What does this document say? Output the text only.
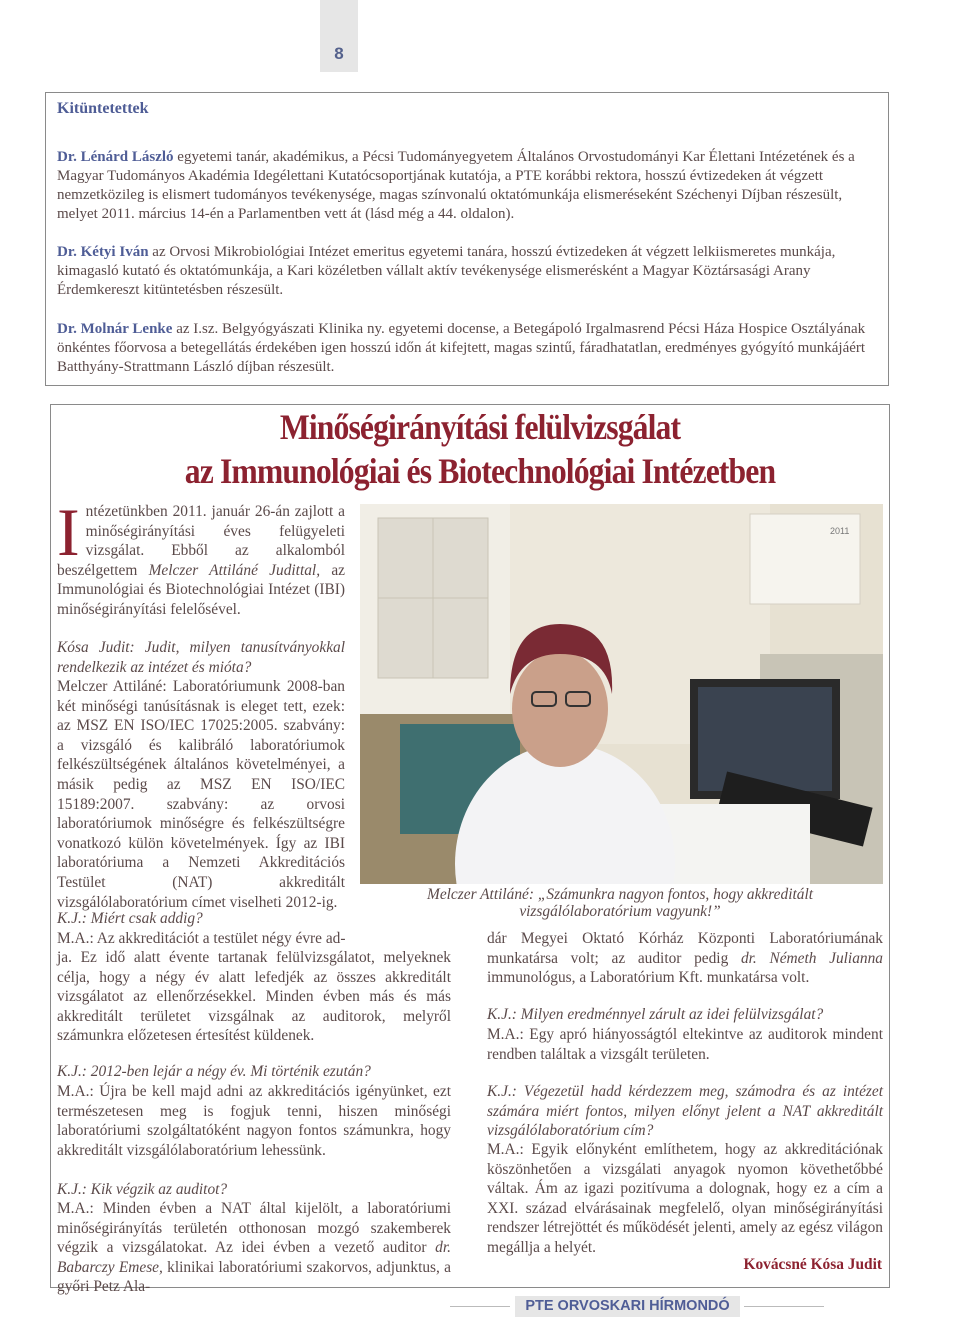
8
Kitüntetettek

Dr. Lénárd László egyetemi tanár, akadémikus, a Pécsi Tudományegyetem Általános Orvostudományi Kar Élettani Intézetének és a Magyar Tudományos Akadémia Idegélettani Kutatócsoportjának kutatója, a PTE korábbi rektora, hosszú évtizedeken át végzett nemzetközileg is elismert tudományos tevékenysége, magas színvonalú oktatómunkája elismeréseként Széchenyi Díjban részesült, melyet 2011. március 14-én a Parlamentben vett át (lásd még a 44. oldalon).

Dr. Kétyi Iván az Orvosi Mikrobiológiai Intézet emeritus egyetemi tanára, hosszú évtizedeken át végzett lelkiismeretes munkája, kimagasló kutató és oktatómunkája, a Kari közéletben vállalt aktív tevékenysége elismerésként a Magyar Köztársasági Arany Érdemkereszt kitüntetésben részesült.

Dr. Molnár Lenke az I.sz. Belgyógyászati Klinika ny. egyetemi docense, a Betegápoló Irgalmasrend Pécsi Háza Hospice Osztályának önkéntes főorvosa a betegellátás érdekében igen hosszú időn át kifejtett, magas szintű, fáradhatatlan, eredményes gyógyító munkájáért Batthyány-Strattmann László díjban részesült.

Minőségirányítási felülvizsgálat
az Immunológiai és Biotechnológiai Intézetben
Intézetünkben 2011. január 26-án zajlott a minőségirányítási éves felügyeleti vizsgálat. Ebből az alkalomból beszélgettem Melczer Attiláné Judittal, az Immunológiai és Biotechnológiai Intézet (IBI) minőségirányítási felelősével.
Kósa Judit: Judit, milyen tanusítványokkal rendelkezik az intézet és mióta?
Melczer Attiláné: Laboratóriumunk 2008-ban két minőségi tanúsításnak is eleget tett, ezek: az MSZ EN ISO/IEC 17025:2005. szabvány: a vizsgáló és kalibráló laboratóriumok felkészültségének általános követelményei, a másik pedig az MSZ EN ISO/IEC 15189:2007. szabvány: az orvosi laboratóriumok minőségre és felkészültségre vonatkozó külön követelmények. Így az IBI laboratóriuma a Nemzeti Akkreditációs Testület (NAT) akkreditált vizsgálólaboratórium címet viselheti 2012-ig.
2011
Melczer Attiláné: „Számunkra nagyon fontos, hogy akkreditált
vizsgálólaboratórium vagyunk!”
K.J.: Miért csak addig?
M.A.: Az akkreditációt a testület négy évre ad-
ja. Ez idő alatt évente tartanak felülvizsgálatot, melyeknek célja, hogy a négy év alatt lefedjék az összes akkreditált vizsgálatot az ellenőrzésekkel. Minden évben más és más akkreditált területet vizsgálnak az auditorok, melyről számunkra előzetesen értesítést küldenek.
K.J.: 2012-ben lejár a négy év. Mi történik ezután?
M.A.: Újra be kell majd adni az akkreditációs igényünket, ezt természetesen meg is fogjuk tenni, hiszen minőségi laboratóriumi szolgáltatóként nagyon fontos számunkra, hogy akkreditált vizsgálólaboratórium lehessünk.
K.J.: Kik végzik az auditot?
M.A.: Minden évben a NAT által kijelölt, a laboratóriumi minőségirányítás területén otthonosan mozgó szakemberek végzik a vizsgálatokat. Az idei évben a vezető auditor dr. Babarczy Emese, klinikai laboratóriumi szakorvos, adjunktus, a győri Petz Ala-
dár Megyei Oktató Kórház Központi Laboratóriumának munkatársa volt; az auditor pedig dr. Németh Julianna immunológus, a Laboratórium Kft. munkatársa volt.
K.J.: Milyen eredménnyel zárult az idei felülvizsgálat?
M.A.: Egy apró hiányosságtól eltekintve az auditorok mindent rendben találtak a vizsgált területen.
K.J.: Végezetül hadd kérdezzem meg, számodra és az intézet számára miért fontos, milyen előnyt jelent a NAT akkreditált vizsgálólaboratórium cím?
M.A.: Egyik előnyként említhetem, hogy az akkreditációnak köszönhetően a vizsgálati anyagok nyomon követhetőbbé váltak. Ám az igazi pozitívuma a dolognak, hogy ez a cím a XXI. század elvárásainak megfelelő, olyan minőségirányítási rendszer létrejöttét és működését jelenti, amely az egész világon megállja a helyét.
Kovácsné Kósa Judit
PTE ORVOSKARI HÍRMONDÓ
